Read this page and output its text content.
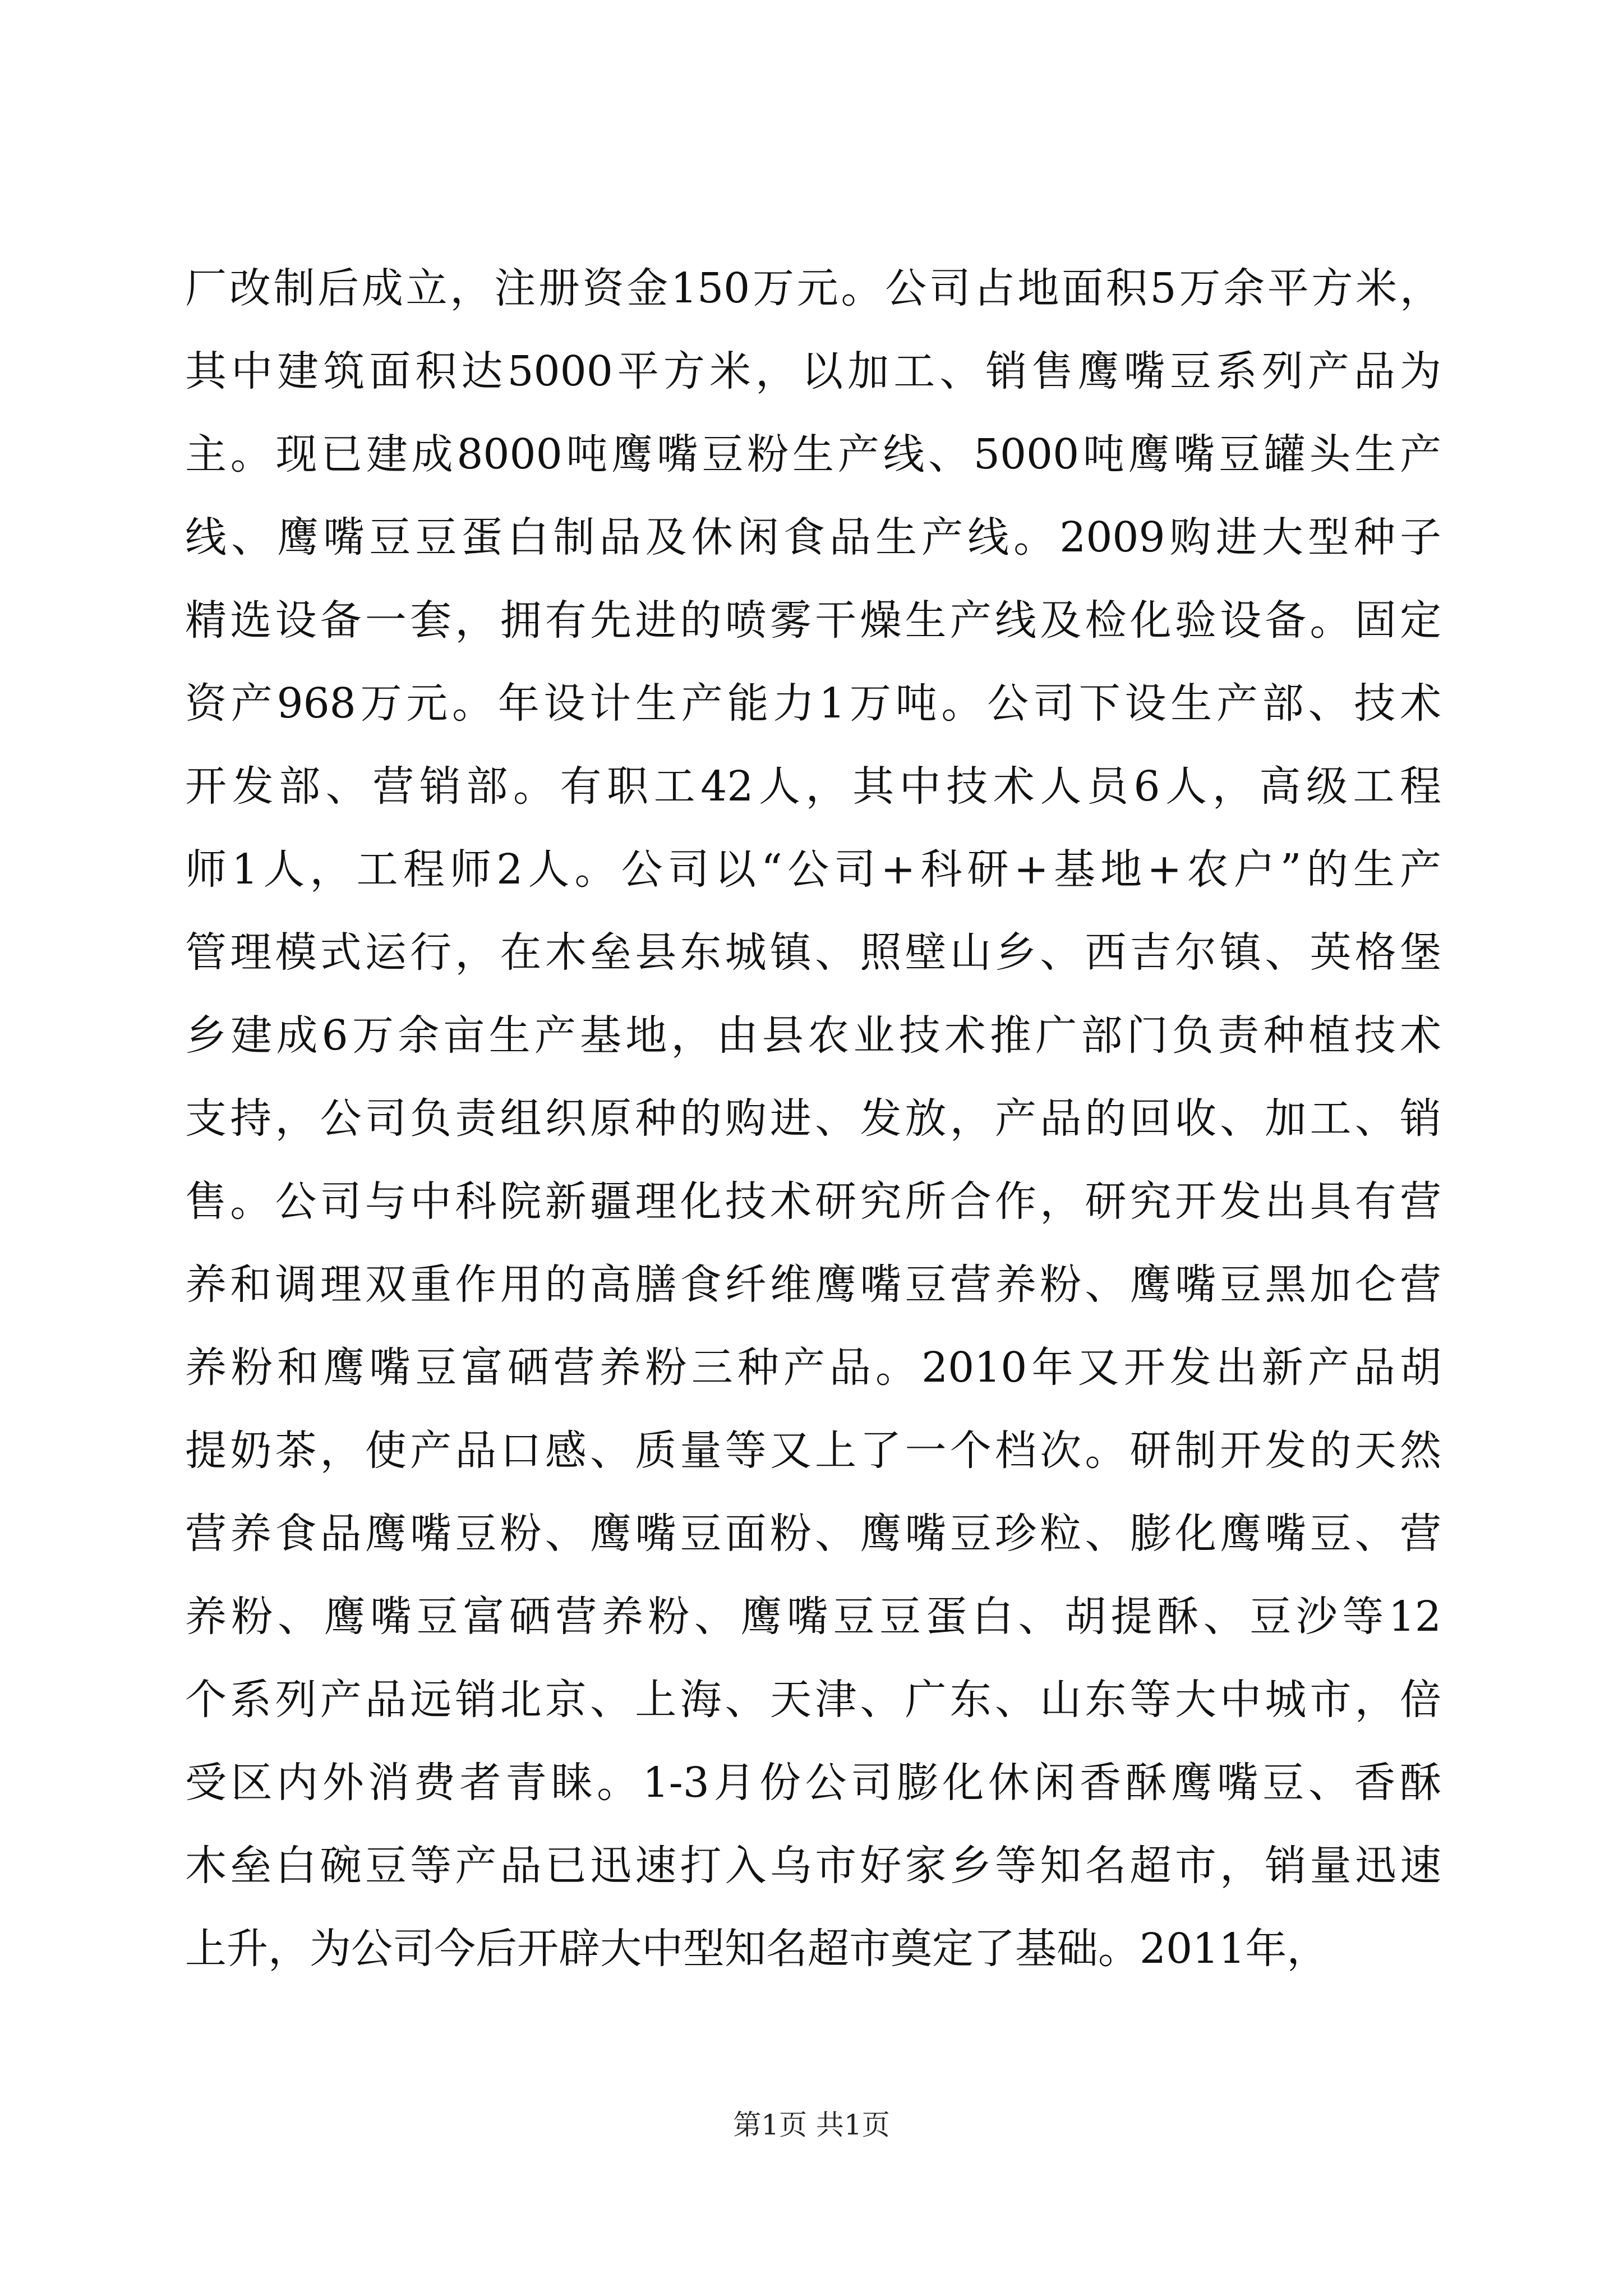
厂改制后成立，注册资金150万元。公司占地面积5万余平方米，
其中建筑面积达5000平方米，以加工、销售鹰嘴豆系列产品为
主。现已建成8000吨鹰嘴豆粉生产线、5000吨鹰嘴豆罐头生产
线、鹰嘴豆豆蛋白制品及休闲食品生产线。2009购进大型种子
精选设备一套，拥有先进的喷雾干燥生产线及检化验设备。固定
资产968万元。年设计生产能力1万吨。公司下设生产部、技术
开发部、营销部。有职工42人，其中技术人员6人，高级工程
师1人，工程师2人。公司以“公司+科研+基地+农户”的生产
管理模式运行，在木垒县东城镇、照壁山乡、西吉尔镇、英格堡
乡建成6万余亩生产基地，由县农业技术推广部门负责种植技术
支持，公司负责组织原种的购进、发放，产品的回收、加工、销
售。公司与中科院新疆理化技术研究所合作，研究开发出具有营
养和调理双重作用的高膳食纤维鹰嘴豆营养粉、鹰嘴豆黑加仑营
养粉和鹰嘴豆富硒营养粉三种产品。2010年又开发出新产品胡
提奶茶，使产品口感、质量等又上了一个档次。研制开发的天然
营养食品鹰嘴豆粉、鹰嘴豆面粉、鹰嘴豆珍粒、膨化鹰嘴豆、营
养粉、鹰嘴豆富硒营养粉、鹰嘴豆豆蛋白、胡提酥、豆沙等12
个系列产品远销北京、上海、天津、广东、山东等大中城市，倍
受区内外消费者青睐。1-3月份公司膨化休闲香酥鹰嘴豆、香酥
木垒白碗豆等产品已迅速打入乌市好家乡等知名超市，销量迅速
上升，为公司今后开辟大中型知名超市奠定了基础。2011年，
第1页 共1页
